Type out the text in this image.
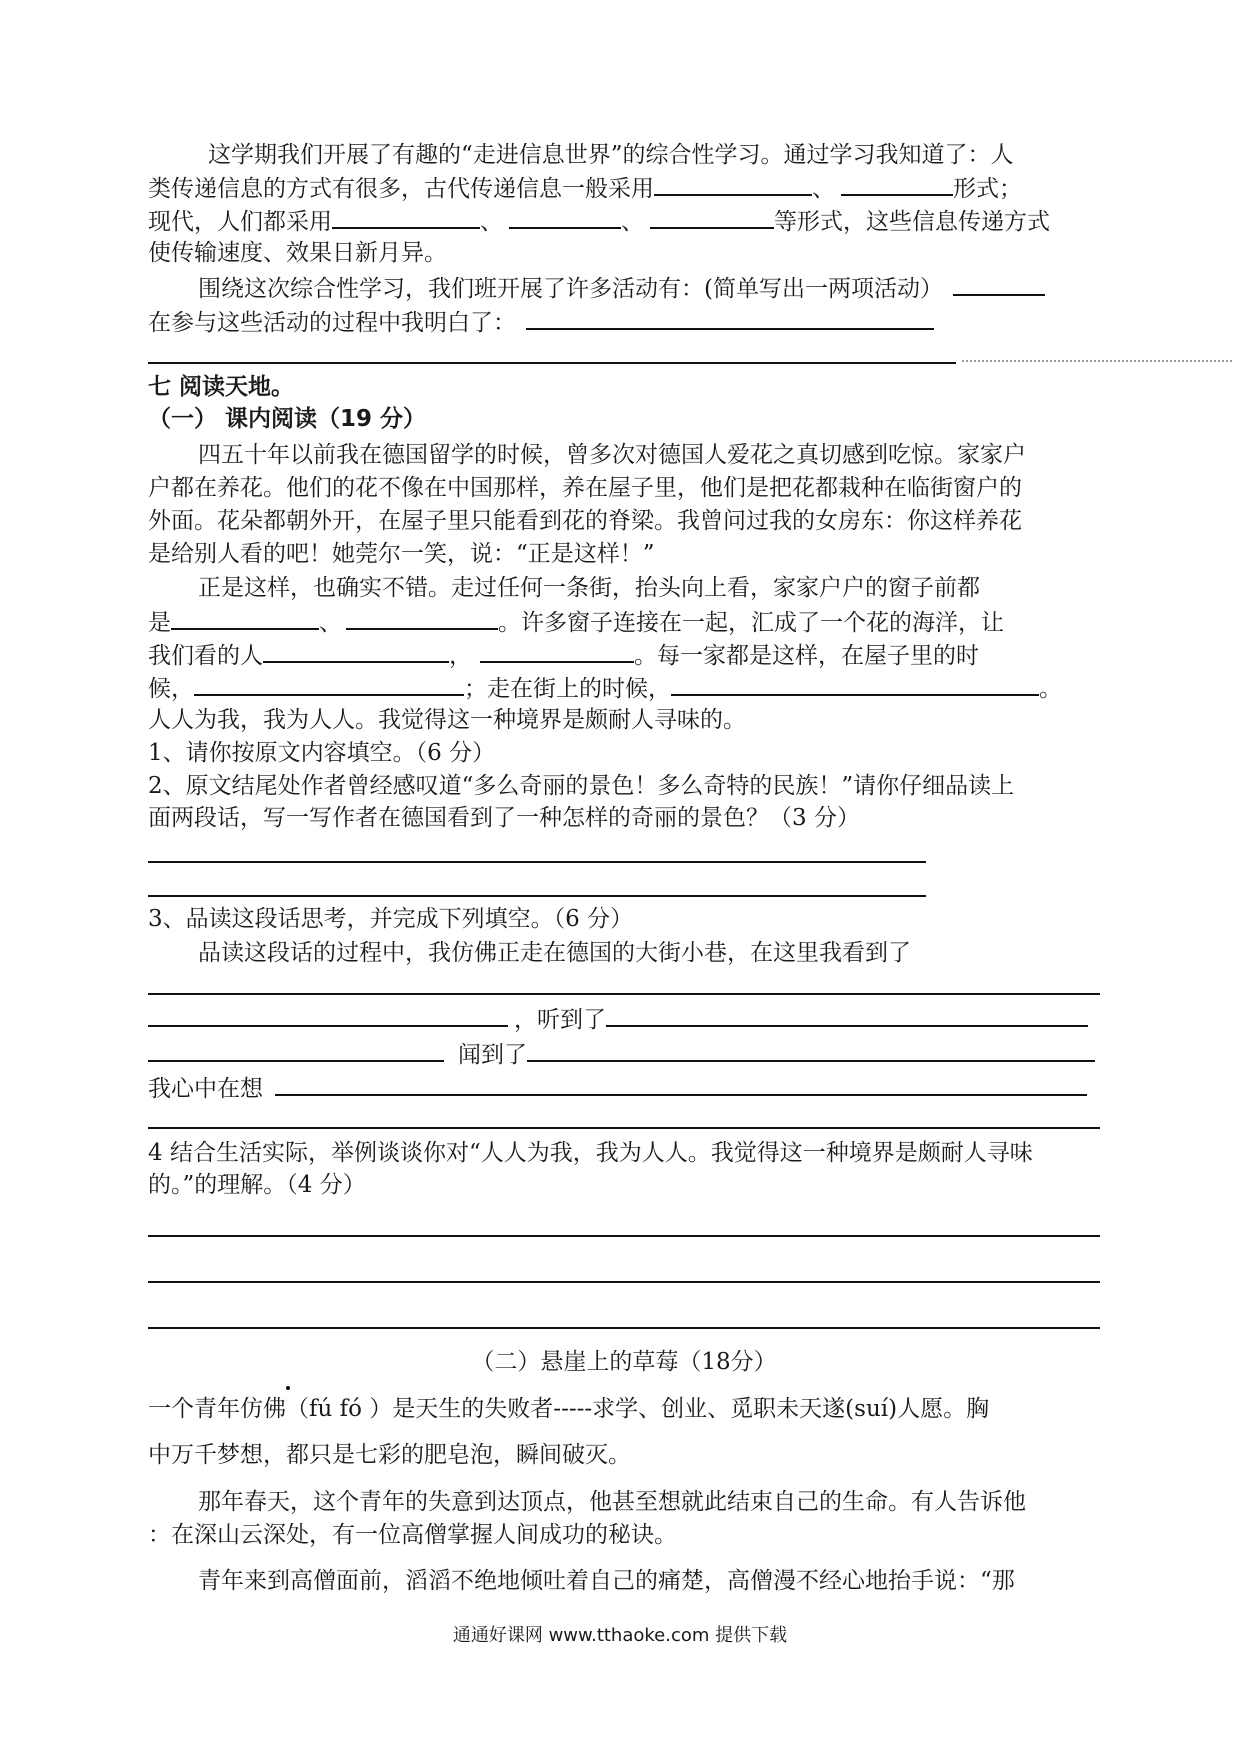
这学期我们开展了有趣的“走进信息世界”的综合性学习。通过学习我知道了：人
类传递信息的方式有很多，古代传递信息一般采用	、	形式；
现代，人们都采用	、	、	等形式，这些信息传递方式
使传输速度、效果日新月异。
围绕这次综合性学习，我们班开展了许多活动有：(简单写出一两项活动）
在参与这些活动的过程中我明白了：
七 阅读天地。
（一） 课内阅读（19 分）
四五十年以前我在德国留学的时候，曾多次对德国人爱花之真切感到吃惊。家家户
户都在养花。他们的花不像在中国那样，养在屋子里，他们是把花都栽种在临街窗户的
外面。花朵都朝外开，在屋子里只能看到花的脊梁。我曾问过我的女房东：你这样养花
是给别人看的吧！她莞尔一笑，说：“正是这样！”
正是这样，也确实不错。走过任何一条街，抬头向上看，家家户户的窗子前都
是	、	。许多窗子连接在一起，汇成了一个花的海洋，让
我们看的人	，	。每一家都是这样，在屋子里的时
候，	；走在街上的时候，	。
人人为我，我为人人。我觉得这一种境界是颇耐人寻味的。
1、请你按原文内容填空。（6 分）
2、原文结尾处作者曾经感叹道“多么奇丽的景色！多么奇特的民族！”请你仔细品读上
面两段话，写一写作者在德国看到了一种怎样的奇丽的景色？（3 分）
3、品读这段话思考，并完成下列填空。（6 分）
品读这段话的过程中，我仿佛正走在德国的大街小巷，在这里我看到了
，听到了
闻到了
我心中在想
4 结合生活实际，举例谈谈你对“人人为我，我为人人。我觉得这一种境界是颇耐人寻味
的。”的理解。（4 分）
（二）悬崖上的草莓（18分）
一个青年仿佛（fú fó ）是天生的失败者-----求学、创业、觅职未天遂(suí)人愿。胸
中万千梦想，都只是七彩的肥皂泡，瞬间破灭。
那年春天，这个青年的失意到达顶点，他甚至想就此结束自己的生命。有人告诉他
：在深山云深处，有一位高僧掌握人间成功的秘诀。
青年来到高僧面前，滔滔不绝地倾吐着自己的痛楚，高僧漫不经心地抬手说：“那
通通好课网 www.tthaoke.com 提供下载
